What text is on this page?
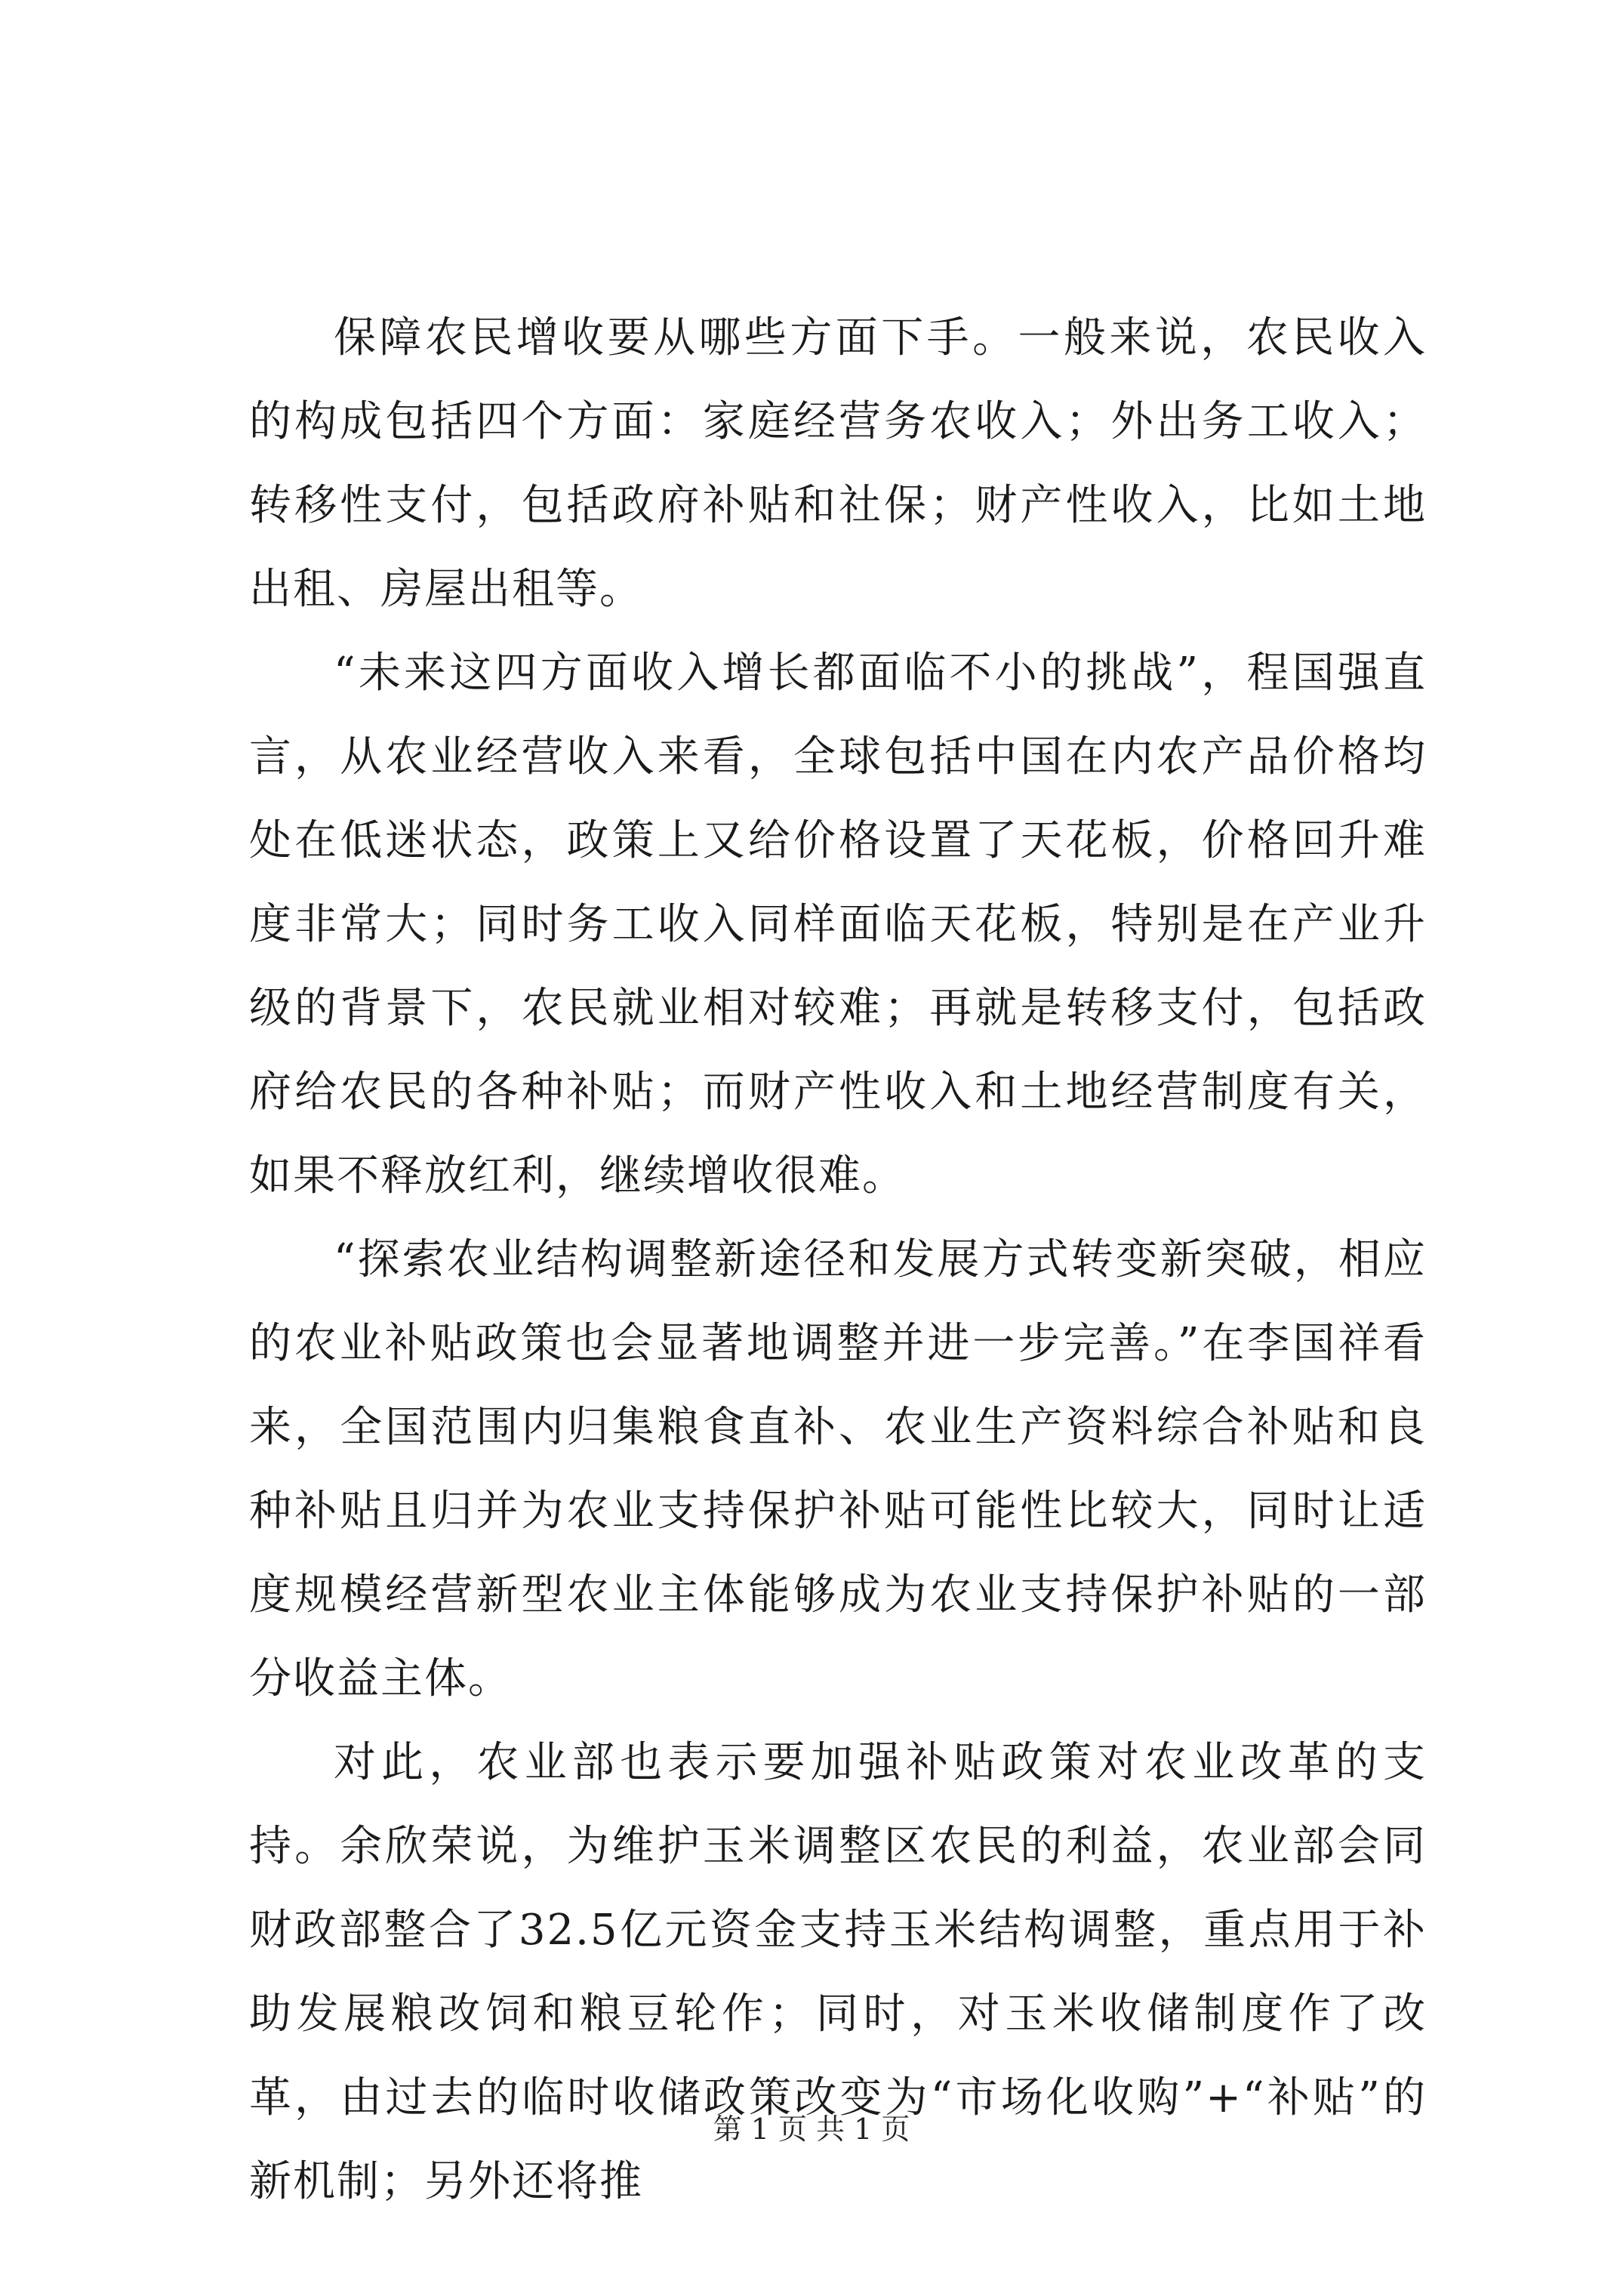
保障农民增收要从哪些方面下手。一般来说，农民收入的构成包括四个方面：家庭经营务农收入；外出务工收入；转移性支付，包括政府补贴和社保；财产性收入，比如土地出租、房屋出租等。

“未来这四方面收入增长都面临不小的挑战”，程国强直言，从农业经营收入来看，全球包括中国在内农产品价格均处在低迷状态，政策上又给价格设置了天花板，价格回升难度非常大；同时务工收入同样面临天花板，特别是在产业升级的背景下，农民就业相对较难；再就是转移支付，包括政府给农民的各种补贴；而财产性收入和土地经营制度有关，如果不释放红利，继续增收很难。

“探索农业结构调整新途径和发展方式转变新突破，相应的农业补贴政策也会显著地调整并进一步完善。”在李国祥看来，全国范围内归集粮食直补、农业生产资料综合补贴和良种补贴且归并为农业支持保护补贴可能性比较大，同时让适度规模经营新型农业主体能够成为农业支持保护补贴的一部分收益主体。

对此，农业部也表示要加强补贴政策对农业改革的支持。余欣荣说，为维护玉米调整区农民的利益，农业部会同财政部整合了32.5亿元资金支持玉米结构调整，重点用于补助发展粮改饲和粮豆轮作；同时，对玉米收储制度作了改革，由过去的临时收储政策改变为“市场化收购”+“补贴”的新机制；另外还将推

第 1 页 共 1 页
